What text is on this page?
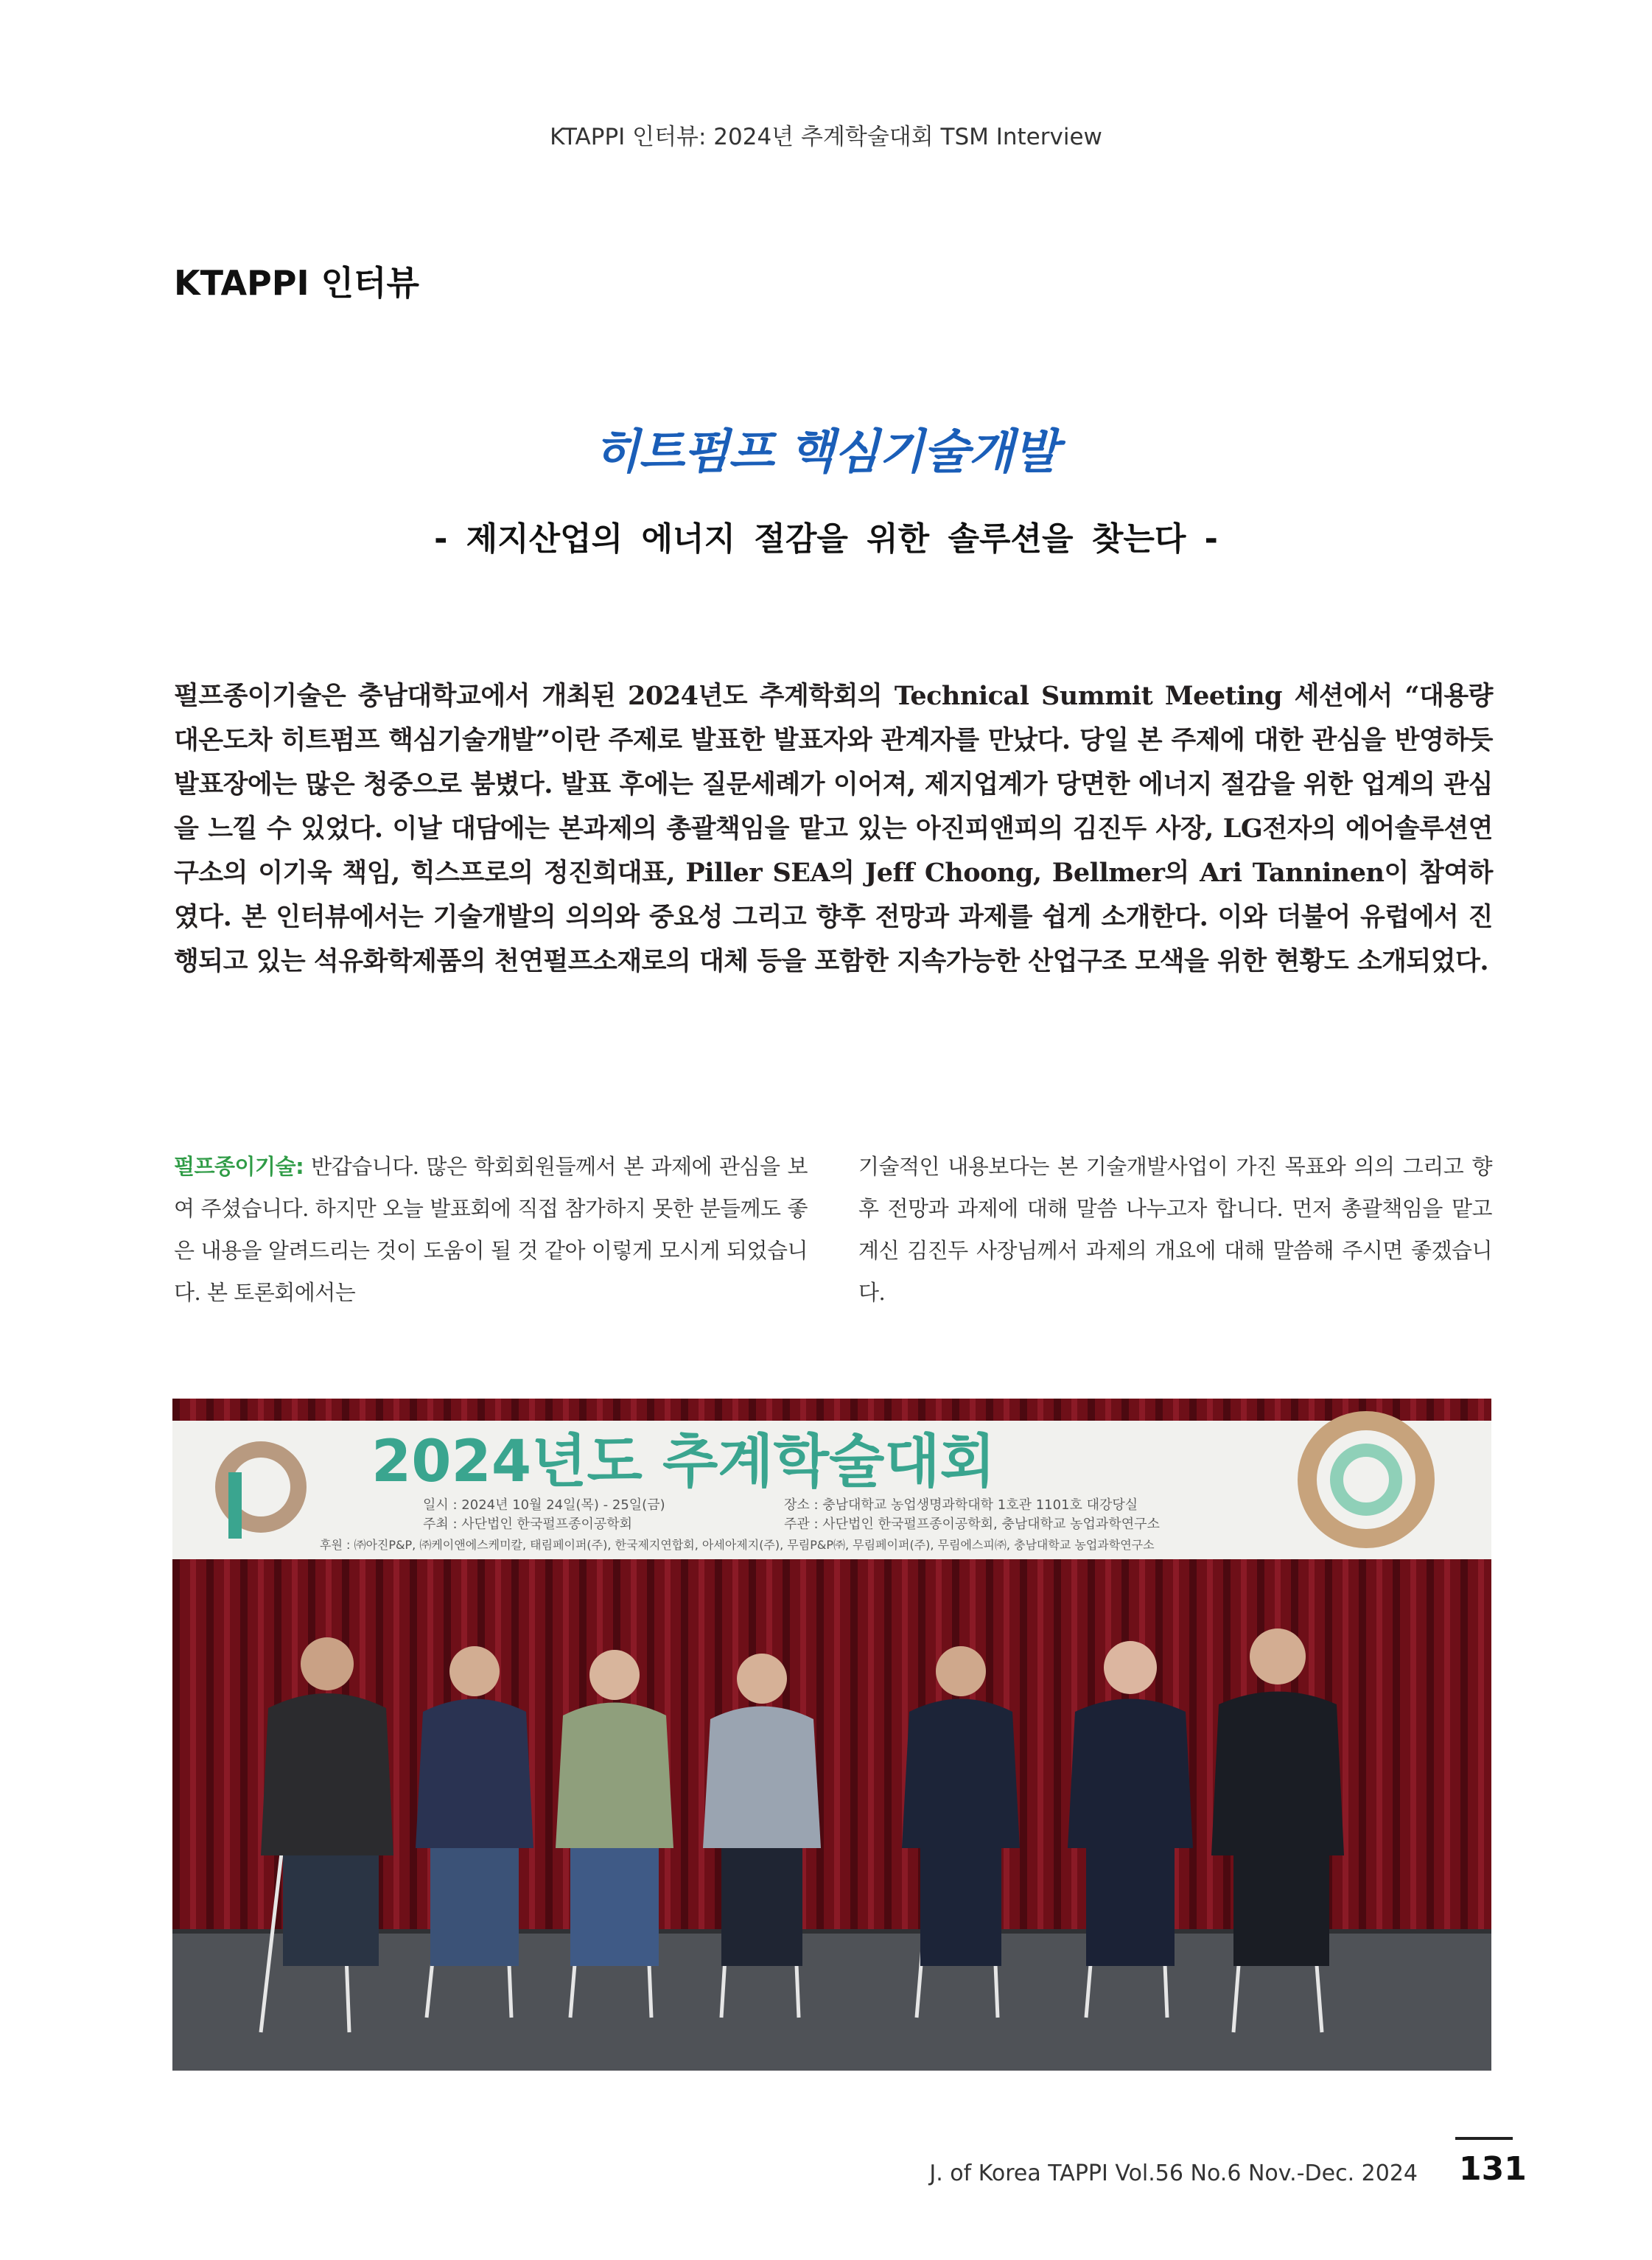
KTAPPI 인터뷰: 2024년 추계학술대회 TSM Interview
KTAPPI 인터뷰
히트펌프 핵심기술개발
- 제지산업의 에너지 절감을 위한 솔루션을 찾는다 -
펄프종이기술은 충남대학교에서 개최된 2024년도 추계학회의 Technical Summit Meeting 세션에서 “대용량 대온도차 히트펌프 핵심기술개발”이란 주제로 발표한 발표자와 관계자를 만났다. 당일 본 주제에 대한 관심을 반영하듯 발표장에는 많은 청중으로 붐볐다. 발표 후에는 질문세례가 이어져, 제지업계가 당면한 에너지 절감을 위한 업계의 관심을 느낄 수 있었다. 이날 대담에는 본과제의 총괄책임을 맡고 있는 아진피앤피의 김진두 사장, LG전자의 에어솔루션연구소의 이기욱 책임, 힉스프로의 정진희대표, Piller SEA의 Jeff Choong, Bellmer의 Ari Tanninen이 참여하였다. 본 인터뷰에서는 기술개발의 의의와 중요성 그리고 향후 전망과 과제를 쉽게 소개한다. 이와 더불어 유럽에서 진행되고 있는 석유화학제품의 천연펄프소재로의 대체 등을 포함한 지속가능한 산업구조 모색을 위한 현황도 소개되었다.
펄프종이기술: 반갑습니다. 많은 학회회원들께서 본 과제에 관심을 보여 주셨습니다. 하지만 오늘 발표회에 직접 참가하지 못한 분들께도 좋은 내용을 알려드리는 것이 도움이 될 것 같아 이렇게 모시게 되었습니다. 본 토론회에서는
기술적인 내용보다는 본 기술개발사업이 가진 목표와 의의 그리고 향후 전망과 과제에 대해 말씀 나누고자 합니다. 먼저 총괄책임을 맡고 계신 김진두 사장님께서 과제의 개요에 대해 말씀해 주시면 좋겠습니다.
2024년도 추계학술대회
일시 : 2024년 10월 24일(목) - 25일(금)
주최 : 사단법인 한국펄프종이공학회
장소 : 충남대학교 농업생명과학대학 1호관 1101호 대강당실
주관 : 사단법인 한국펄프종이공학회, 충남대학교 농업과학연구소
후원 : ㈜아진P&P, ㈜케이앤에스케미칼, 태림페이퍼(주), 한국제지연합회, 아세아제지(주), 무림P&P㈜, 무림페이퍼(주), 무림에스피㈜, 충남대학교 농업과학연구소
J. of Korea TAPPI Vol.56 No.6 Nov.-Dec. 2024 131
